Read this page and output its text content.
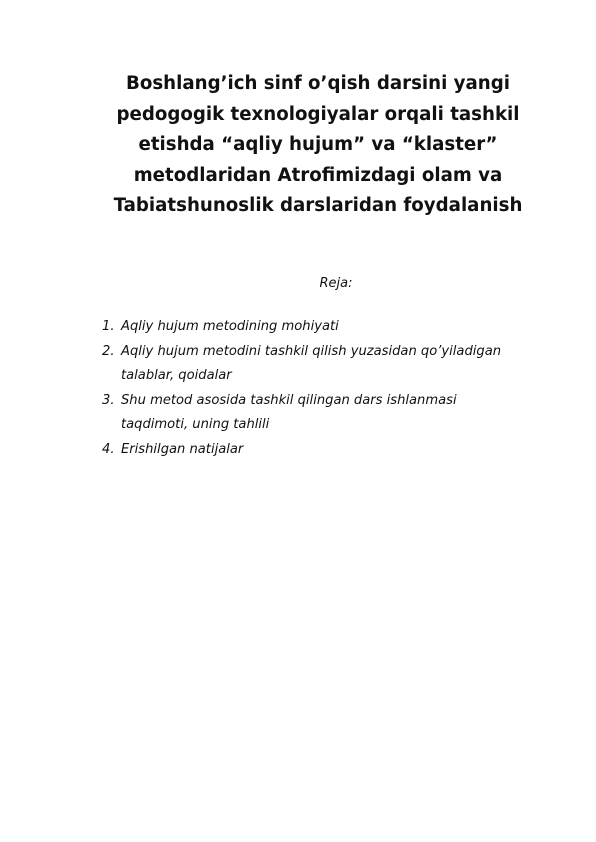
Boshlang’ich sinf o’qish darsini yangi
pedogogik texnologiyalar orqali tashkil
etishda “aqliy hujum” va “klaster”
metodlaridan Atrofimizdagi olam va
Tabiatshunoslik darslaridan foydalanish

Reja:

1. Aqliy hujum metodining mohiyati
2. Aqliy hujum metodini tashkil qilish yuzasidan qo’yiladigan
talablar, qoidalar
3. Shu metod asosida tashkil qilingan dars ishlanmasi
taqdimoti, uning tahlili
4. Erishilgan natijalar
